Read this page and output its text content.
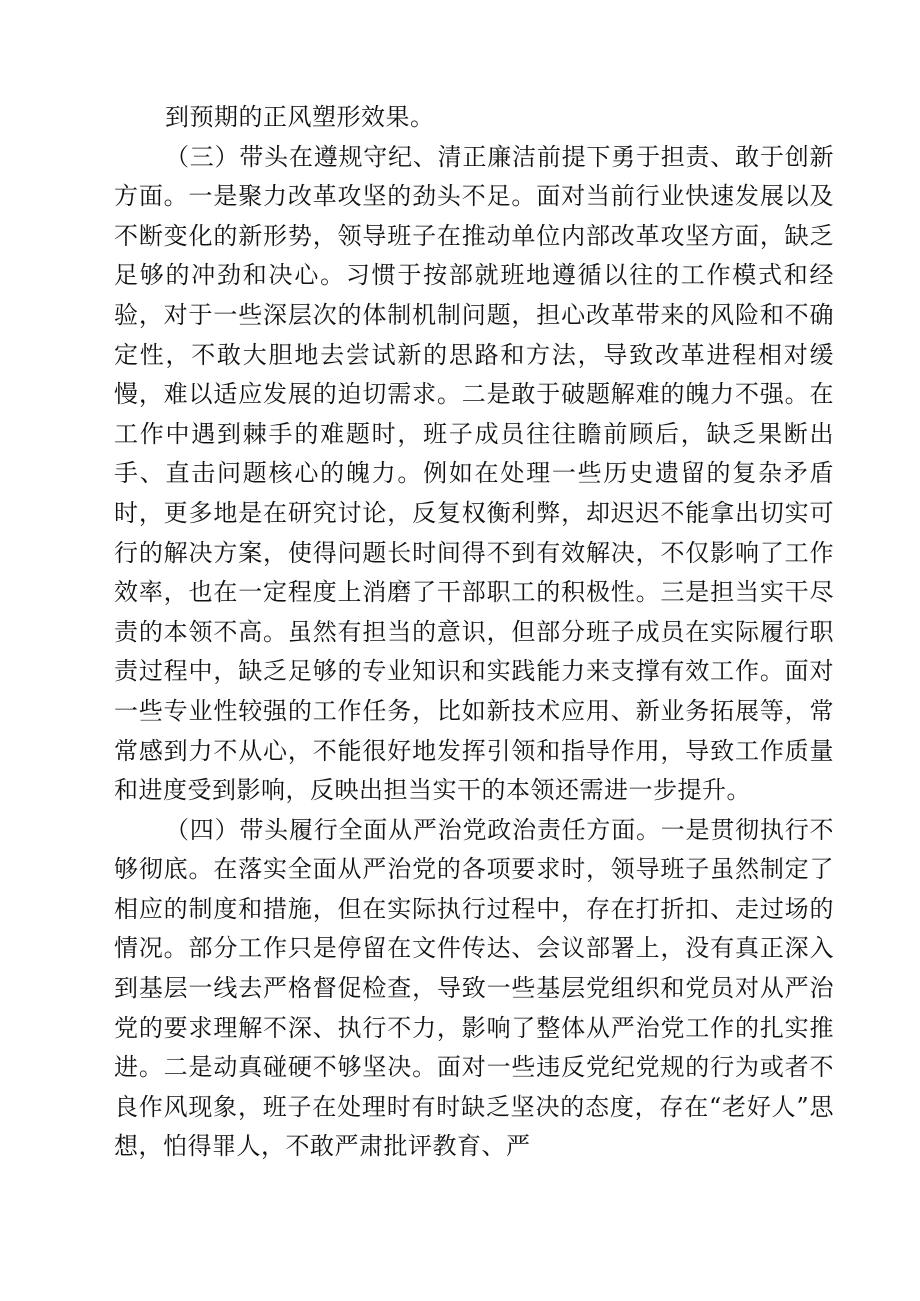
到预期的正风塑形效果。

（三）带头在遵规守纪、清正廉洁前提下勇于担责、敢于创新方面。一是聚力改革攻坚的劲头不足。面对当前行业快速发展以及不断变化的新形势，领导班子在推动单位内部改革攻坚方面，缺乏足够的冲劲和决心。习惯于按部就班地遵循以往的工作模式和经验，对于一些深层次的体制机制问题，担心改革带来的风险和不确定性，不敢大胆地去尝试新的思路和方法，导致改革进程相对缓慢，难以适应发展的迫切需求。二是敢于破题解难的魄力不强。在工作中遇到棘手的难题时，班子成员往往瞻前顾后，缺乏果断出手、直击问题核心的魄力。例如在处理一些历史遗留的复杂矛盾时，更多地是在研究讨论，反复权衡利弊，却迟迟不能拿出切实可行的解决方案，使得问题长时间得不到有效解决，不仅影响了工作效率，也在一定程度上消磨了干部职工的积极性。三是担当实干尽责的本领不高。虽然有担当的意识，但部分班子成员在实际履行职责过程中，缺乏足够的专业知识和实践能力来支撑有效工作。面对一些专业性较强的工作任务，比如新技术应用、新业务拓展等，常常感到力不从心，不能很好地发挥引领和指导作用，导致工作质量和进度受到影响，反映出担当实干的本领还需进一步提升。

（四）带头履行全面从严治党政治责任方面。一是贯彻执行不够彻底。在落实全面从严治党的各项要求时，领导班子虽然制定了相应的制度和措施，但在实际执行过程中，存在打折扣、走过场的情况。部分工作只是停留在文件传达、会议部署上，没有真正深入到基层一线去严格督促检查，导致一些基层党组织和党员对从严治党的要求理解不深、执行不力，影响了整体从严治党工作的扎实推进。二是动真碰硬不够坚决。面对一些违反党纪党规的行为或者不良作风现象，班子在处理时有时缺乏坚决的态度，存在“老好人”思想，怕得罪人，不敢严肃批评教育、严
